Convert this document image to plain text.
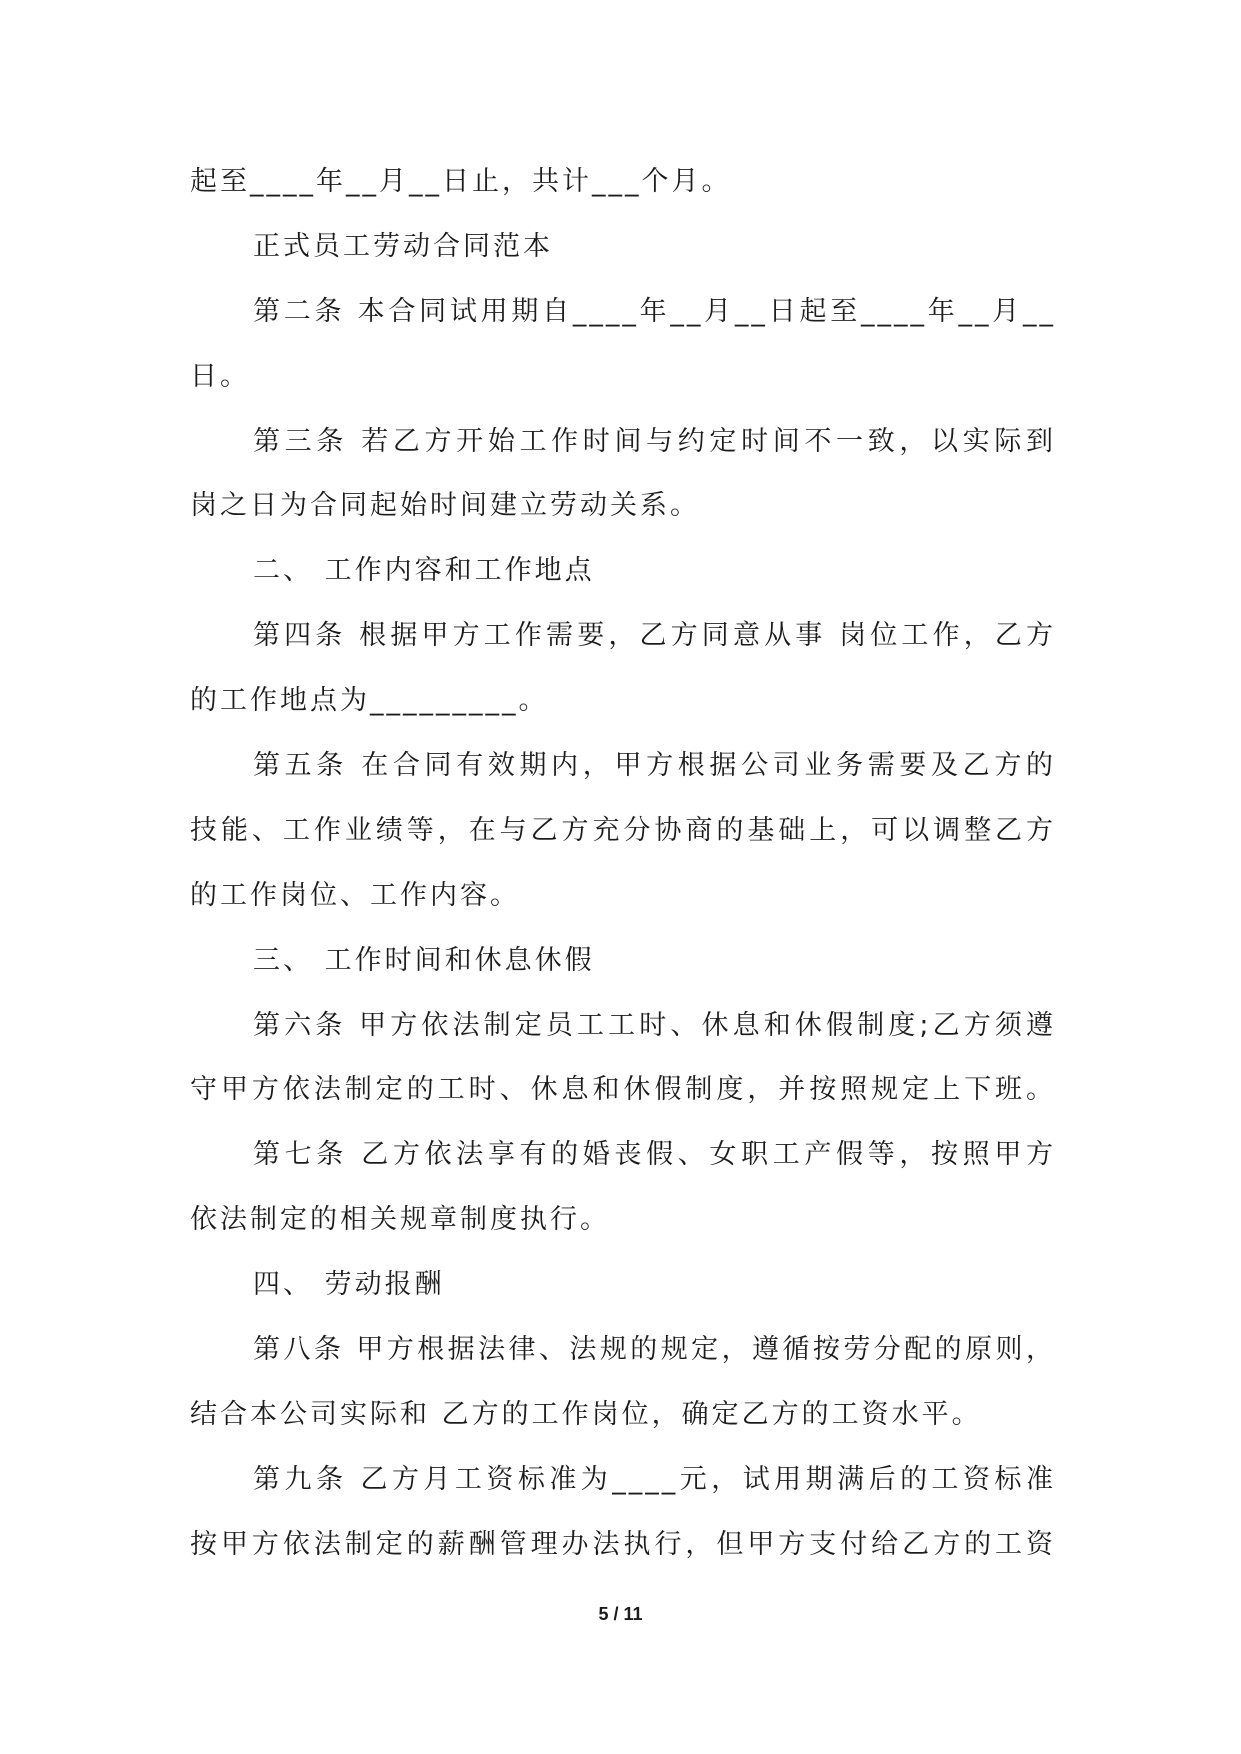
起至____年__月__日止，共计___个月。
正式员工劳动合同范本
第二条 本合同试用期自____年__月__日起至____年__月__
日。
第三条 若乙方开始工作时间与约定时间不一致，以实际到
岗之日为合同起始时间建立劳动关系。
二、 工作内容和工作地点
第四条 根据甲方工作需要，乙方同意从事 岗位工作，乙方
的工作地点为_________。
第五条 在合同有效期内，甲方根据公司业务需要及乙方的
技能、工作业绩等，在与乙方充分协商的基础上，可以调整乙方
的工作岗位、工作内容。
三、 工作时间和休息休假
第六条 甲方依法制定员工工时、休息和休假制度;乙方须遵
守甲方依法制定的工时、休息和休假制度，并按照规定上下班。
第七条 乙方依法享有的婚丧假、女职工产假等，按照甲方
依法制定的相关规章制度执行。
四、 劳动报酬
第八条 甲方根据法律、法规的规定，遵循按劳分配的原则，
结合本公司实际和 乙方的工作岗位，确定乙方的工资水平。
第九条 乙方月工资标准为____元，试用期满后的工资标准
按甲方依法制定的薪酬管理办法执行，但甲方支付给乙方的工资
5 / 11
